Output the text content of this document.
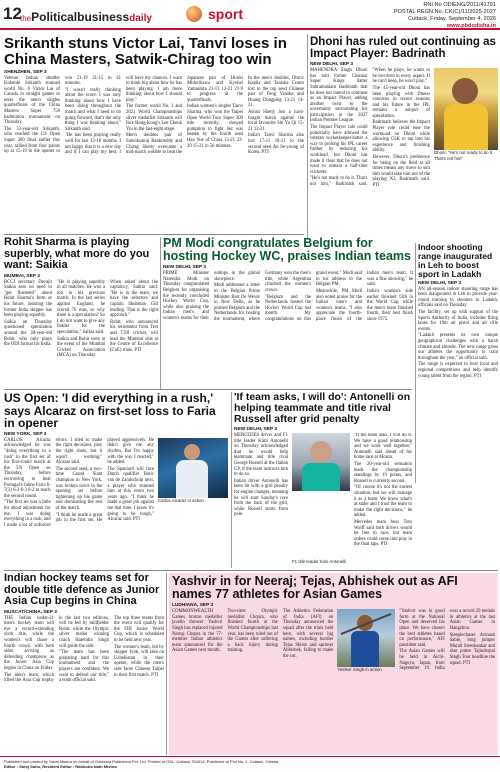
12
thePoliticalbusinessdaily	sport
RNI No ODIENG/2011/41791
POSTAL REGN.No. CK(C)/11/2025-2027
Cuttack, Friday, September 4, 2026
www.pbdodisha.in
Srikanth stuns Victor Lai, Tanvi loses in China Masters, Satwik-Chirag too win
SHENZHEN, SEP 3

Veteran Indian shuttler Kidambi Srikanth stunned world No. 8 Victor Lai of Canada in straight games to enter the men's singles quarterfinals of the China Masters Super 750 badminton tournament on Thursday.

The 33-year-old Srikanth, who reached the US Open Super 300 final earlier this year, rallied from four points up at 15-19 in the opener to win 21-19 21-15 in 41 minutes.

"I wasn't really thinking about the score. I was only thinking about how I have been doing throughout the match and what I need to do going forward, that's the only thing I was thinking about," Srikanth said.

"He has been playing really well for last 12-18 months. I am happy that it is a new day and if I can play my best, I will have my chances. I want to think big about how he has been playing. I am more thinking about how I should play."

The former world No. 1 and 2021 World Championships silver medallist Srikanth will face Hong Kong's Lee Cheuk Yiu in the last-eight stage.

Men's doubles pair of Satwiksairaj Rankireddy and Chirag Shetty overcame a mid-match wobble to beat the Japanese pair of Hiroki Midorikawa and Kyohei Yamashita 21-13 12-21 21-9 to progress in the quarterfinals.

Indian women's singles Tanvi Sharma, who won the Taipei Open World Tour Super 300 title recently, showed gumption to fight but was beaten by the fourth seed Han Yue of China 13-21 22-20 15-21 in 56 minutes.

In the men's doubles, Dhruv Kapila and Tanisha Crasto lost to the top seed Chinese pair of Feng Yanzhe and Huang Dongping 13-21 14-21.

Ayush Shetty lost a hard-fought match against the local favourite Shi Yu Qi 15-21 12-21.

India's Tanvi Sharma also lost 17-21 18-21 to the second seed An Se-young of Korea. PTI

Dhoni has ruled out continuing as Impact Player: Badrinath
NEW DELHI, SEP 3

MAHENDRA Singh Dhoni has told former Chennai Super Kings batter Subramaniam Badrinath that he does not intend to continue as an Impact Player, adding another twist to the uncertainty surrounding his participation in the 2027 Indian Premier League.

The Impact Player rule could potentially have allowed the veteran wicketkeeper-batter a way to prolong his IPL career further by reducing his workload, but Dhoni has made it clear that he does not want to remain a half-time cricketer.

"He's not ready to do it. That's not him," Badrinath said. "When he plays, he wants to be involved in every aspect. If he can't keep, he won't play."

The 45-year-old Dhoni has been playing with fitness concerns in recent seasons and his future in the IPL remains a subject of speculation.

Badrinath believes the Impact Player role could ease the workload on Dhoni while allowing CSK to tap into his experience and finishing ability.

However, Dhoni's preference for being on the field at all times means any move to suit him would take him out of the playing XI, Badrinath said. PTI

Dhoni: "He's not ready to do it. That's not him"
Rohit Sharma is playing superbly, what more do you want: Saikia
MUMBAI, SEP 3

BCCI secretary Devajit Saikia sees no need to "get flustered" about Rohit Sharma's form or his future, insisting the former India skipper has been playing superbly.

Saikia on Thursday questioned speculation around the 38-year-old Rohit, who only plays the ODI format for India.

"He is playing superbly in all matches. He won a ton in his previous match. In the last series against England, he scored 76 runs, so why there is a speculation? So I do not want to give any fodder for the speculation," Saikia said.

Saikia and Rohit were at the event of the Mumbai Cricket Association (MCA) on Thursday.

When asked about the captaincy, Saikia said: "He is in the team, we have the selectors and captain Shubman Gill leading. That is the right approach."

Rohit, who announced his retirement from Test and T20I cricket, will lead the Mumbai side at the Centre of Excellence (CoE) trials. PTI

PM Modi congratulates Belgium for hosting Hockey WC, praises Indian teams
NEW DELHI, SEP 3

PRIME Minister Narendra Modi on Thursday congratulated Belgium for organising the recently concluded Hockey World Cup, while also praising the Indian men's and women's teams for their outings in the global showpiece.

Modi addressed a letter to the Belgian Prime Minister Bart De Wever in New Delhi, as he praised Belgium and the Netherlands for hosting the tournament, where Germany won the men's title, while Argentina clinched the women's crown.

"Belgium and the Netherlands hosted the Hockey World Cup last month. My congratulations on this grand event," Modi said in his address to the Belgian PM.

Meanwhile, PM Modi also noted praise for the Indian men's and women's teams. "I also appreciate the fourth-place finish of the Indian men's team. It was a fine showing," he said.

India's women's side earlier finished 13th in the World Cup, while the men's team finished fourth, their best finish since 1975.

Indoor shooting range inaugurated in Leh to boost sport in Ladakh
NEW DELHI, SEP 3

AN all-season indoor shooting range has been inaugurated in Leh to provide year-round training to shooters in Ladakh, officials said on Thursday.

The facility, set up with support of the Sports Authority of India, includes firing lanes for 10m air pistol and air rifle events.

"Ladakh presents its own unique geographical challenges with a harsh climate and altitude. The new range gives our athletes the opportunity to train throughout the year," an official said.

The range is expected to host local and regional competitions and help identify young talent from the region. PTI

US Open: 'I did everything in a rush,' says Alcaraz on first-set loss to Faria in opener
NEW YORK, SEP 3

CARLOS Alcaraz acknowledged he was "doing everything in a rush" in the first set of his first-round match at the US Open on Thursday, before recovering to beat Portugal's Jaime Faria 6-7(3) 6-2 6-3 6-2 to reach the second round.

"The first set was a little bit about adjustment for me. I was doing everything in a rush, and I made a lot of unforced errors. I tried to make the right decisions, play the right shots, but it wasn't working," Alcaraz said.

The second seed, a two-time Grand Slam champion in New York, was broken twice in the opening set before tightening up his game and dominating the rest of the match.

"I think he made a great job in the first set. He played aggressively. He didn't give me any rhythm. But I'm happy with the way I reacted," he added.

The Spaniard will face Dutch qualifier Botic van de Zandschulp next, a player who stunned him at this event two years ago. "I think he made a great job against me that time. I know it's going to be tough," Alcaraz said. PTI

Carlos Alcaraz in action

'If team asks, I will do': Antonelli on helping teammate and title rival Russell after grid penalty
NEW DELHI, SEP 3

MERCEDES driver and F1 title leader Kimi Antonelli on Thursday acknowledged that he would help teammate and title rival George Russell at the Italian GP, if the team instructs him to do so.

Italian driver Antonelli has been hit with a grid penalty for engine changes, meaning he will start Sunday's race from the back of the grid, while Russell starts from pole.

"If the team asks, I will do it. We have a good relationship and we work well together," Antonelli said ahead of his home race at Monza.

The 20-year-old sensation leads the championship standings by 19 points, and Russell is currently second.

"Of course it's not the easiest situation, but we will manage it as a team. We know what's at stake and I trust the team to make the right decisions," he added.

Mercedes team boss Toto Wolff said both drivers would be free to race, but team orders could come into play in the final laps. PTI

F1 title leader Kimi Antonelli
Indian hockey teams set for double title defence as Junior Asia Cup begins in China
MUSCAT/CHINA, SEP 3

THE Indian under-21 men's hockey team will eye a record-extending sixth title, while the women's will chase a fourth crown, with both sides arriving as defending champions as the Junior Asia Cup begins in China on Friday.

The men's team, which lifted the Asia Cup trophy in the last two editions, will be led by midfielder Rohit, while the Olympic silver medal winning coach Harendra Singh will guide the side.

"The team has been preparing hard for this tournament and the players are confident. We want to defend our title," a team official said.

The top three teams from the event will qualify for the FIH Junior World Cup, which is scheduled to be held next year.

The women's team, led by skipper Jyoti, will take on Uzbekistan in their opener, while the men's side faces Chinese Taipei in their first match. PTI

Yashvir in for Neeraj; Tejas, Abhishek out as AFI names 77 athletes for Asian Games
LUDHIANA, SEP 3

COMMONWEALTH Games bronze medallist javelin thrower Yashvir Singh has replaced injured Neeraj Chopra in the 77-member Indian athletics team announced for the Asian Games next month.

Two-time Olympic medallist Chopra, who finished fourth at the World Championships last year, has been ruled out of the Games after suffering a back injury during training.

The Athletics Federation of India (AFI) on Thursday announced the squad after the trials held here, with several big names, including hurdler Tejas Shirse and sprinter Abhishek, failing to make the cut.

Yashvir Singh in action

"Yashvir was in good form at the National Open and deserved his place. We have chosen the best athletes based on performance," AFI president said.

The Asian Games will be held in Aichi-Nagoya, Japan, from September 19. India won a record 29 medals in athletics at the last Asian Games in Hangzhou.

Steeplechaser Avinash Sable, long jumper Murali Sreeshankar and shot putter Tajinderpal Singh Toor headline the squad. PTI

Published and printed by Sarat Mishra on behalf of Golaxara Publishers Pvt. Ltd. Printed at OSL, Cuttack-754014. Published at Plot No. 1, Cuttack, Odisha.
Editor : Saroj Sahu, Resident Editor : Rabindra Nath Mishra
